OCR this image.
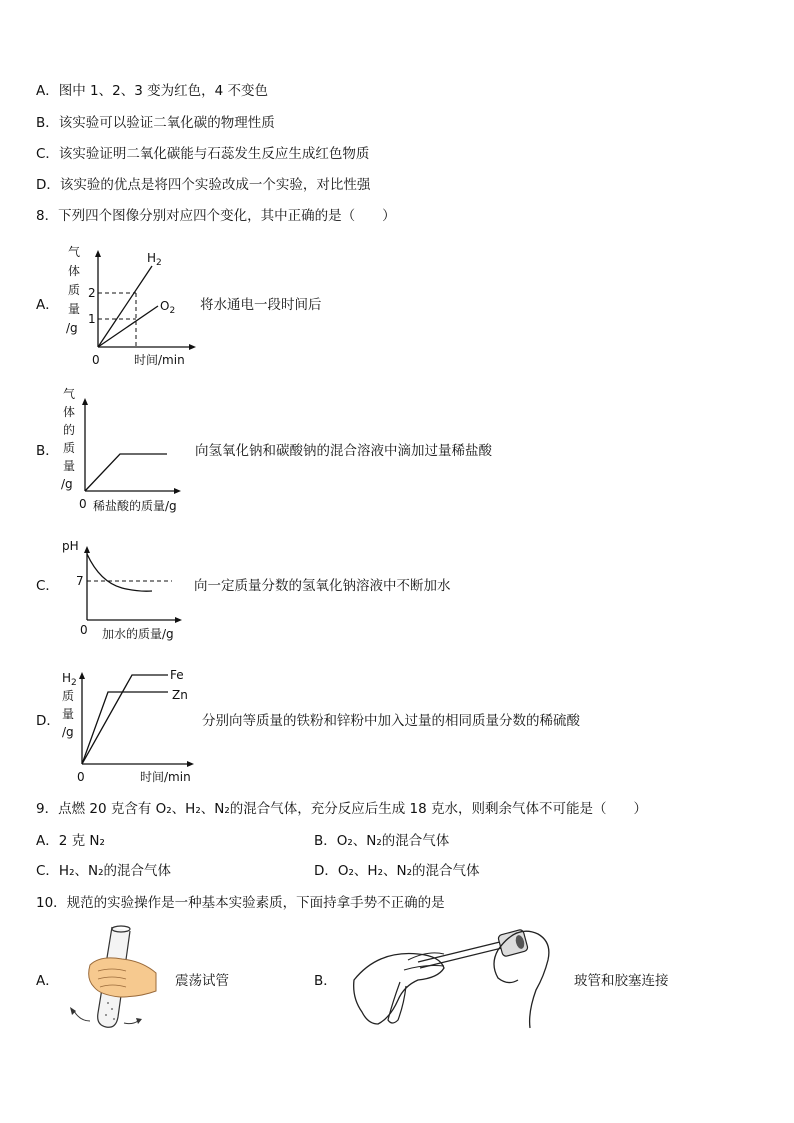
A．图中 1、2、3 变为红色，4 不变色
B．该实验可以验证二氧化碳的物理性质
C．该实验证明二氧化碳能与石蕊发生反应生成红色物质
D．该实验的优点是将四个实验改成一个实验，对比性强
8．下列四个图像分别对应四个变化，其中正确的是（　　）
A．
气
体
质
量
/g
2
1
$H_2$
$O_2$
0	时间/min
将水通电一段时间后
B．
气
体
的
质
量
/g
0 稀盐酸的质量/g
向氢氧化钠和碳酸钠的混合溶液中滴加过量稀盐酸
C．
pH
7
0 加水的质量/g
向一定质量分数的氢氧化钠溶液中不断加水
D．
$H_2$
质
量
/g
Fe
Zn
0	时间/min
分别向等质量的铁粉和锌粉中加入过量的相同质量分数的稀硫酸
9．点燃 20 克含有 O₂、H₂、N₂的混合气体，充分反应后生成 18 克水，则剩余气体不可能是（　　）
A．2 克 N₂	B．O₂、N₂的混合气体
C．H₂、N₂的混合气体	D．O₂、H₂、N₂的混合气体
10．规范的实验操作是一种基本实验素质，下面持拿手势不正确的是
A．	震荡试管	B．	玻管和胶塞连接
